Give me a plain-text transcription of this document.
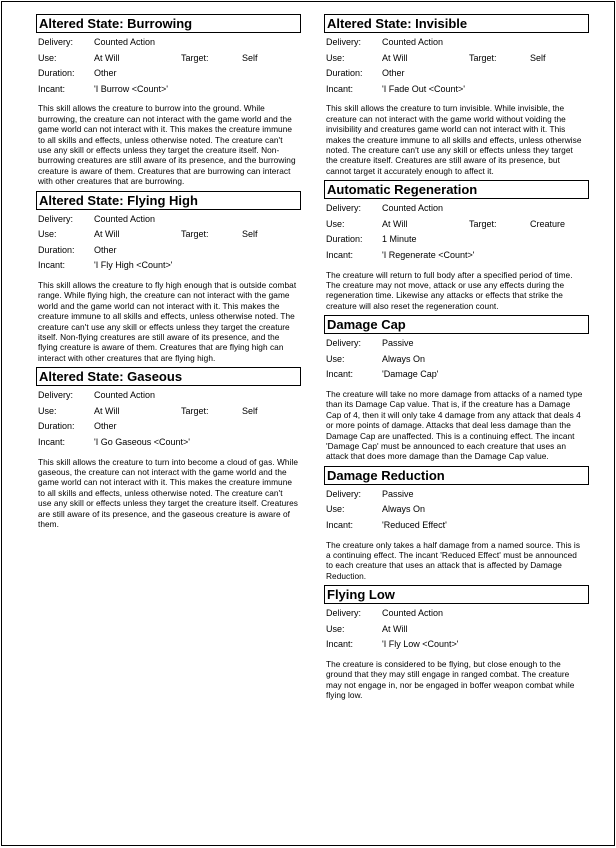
Altered State: Burrowing
Delivery: Counted Action
Use:	At Will	Target:	Self
Duration: Other
Incant:	'I Burrow <Count>'
This skill allows the creature to burrow into the ground. While burrowing, the creature can not interact with the game world and the game world can not interact with it. This makes the creature immune to all skills and effects, unless otherwise noted. The creature can't use any skill or effects unless they target the creature itself. Non-burrowing creatures are still aware of its presence, and the burrowing creature is aware of them. Creatures that are burrowing can interact with other creatures that are burrowing.
Altered State: Flying High
Delivery: Counted Action
Use:	At Will	Target:	Self
Duration: Other
Incant:	'I Fly High <Count>'
This skill allows the creature to fly high enough that is outside combat range. While flying high, the creature can not interact with the game world and the game world can not interact with it. This makes the creature immune to all skills and effects, unless otherwise noted. The creature can't use any skill or effects unless they target the creature itself. Non-flying creatures are still aware of its presence, and the flying creature is aware of them. Creatures that are flying high can interact with other creatures that are flying high.
Altered State: Gaseous
Delivery: Counted Action
Use:	At Will	Target:	Self
Duration: Other
Incant:	'I Go Gaseous <Count>'
This skill allows the creature to turn into become a cloud of gas. While gaseous, the creature can not interact with the game world and the game world can not interact with it. This makes the creature immune to all skills and effects, unless otherwise noted. The creature can't use any skill or effects unless they target the creature itself. Creatures are still aware of its presence, and the gaseous creature is aware of them.
Altered State: Invisible
Delivery: Counted Action
Use:	At Will	Target:	Self
Duration: Other
Incant:	'I Fade Out <Count>'
This skill allows the creature to turn invisible. While invisible, the creature can not interact with the game world without voiding the invisibility and creatures game world can not interact with it. This makes the creature immune to all skills and effects, unless otherwise noted. The creature can't use any skill or effects unless they target the creature itself. Creatures are still aware of its presence, but cannot target it accurately enough to affect it.
Automatic Regeneration
Delivery: Counted Action
Use:	At Will	Target:	Creature
Duration: 1 Minute
Incant:	'I Regenerate <Count>'
The creature will return to full body after a specified period of time. The creature may not move, attack or use any effects during the regeneration time. Likewise any attacks or effects that strike the creature will also reset the regeneration count.
Damage Cap
Delivery: Passive
Use:	Always On
Incant:	'Damage Cap'
The creature will take no more damage from attacks of a named type than its Damage Cap value. That is, if the creature has a Damage Cap of 4, then it will only take 4 damage from any attack that deals 4 or more points of damage. Attacks that deal less damage than the Damage Cap are unaffected. This is a continuing effect. The incant 'Damage Cap' must be announced to each creature that uses an attack that does more damage than the Damage Cap value.
Damage Reduction
Delivery: Passive
Use:	Always On
Incant:	'Reduced Effect'
The creature only takes a half damage from a named source. This is a continuing effect. The incant 'Reduced Effect' must be announced to each creature that uses an attack that is affected by Damage Reduction.
Flying Low
Delivery: Counted Action
Use:	At Will
Incant:	'I Fly Low <Count>'
The creature is considered to be flying, but close enough to the ground that they may still engage in ranged combat. The creature may not engage in, nor be engaged in boffer weapon combat while flying low.
